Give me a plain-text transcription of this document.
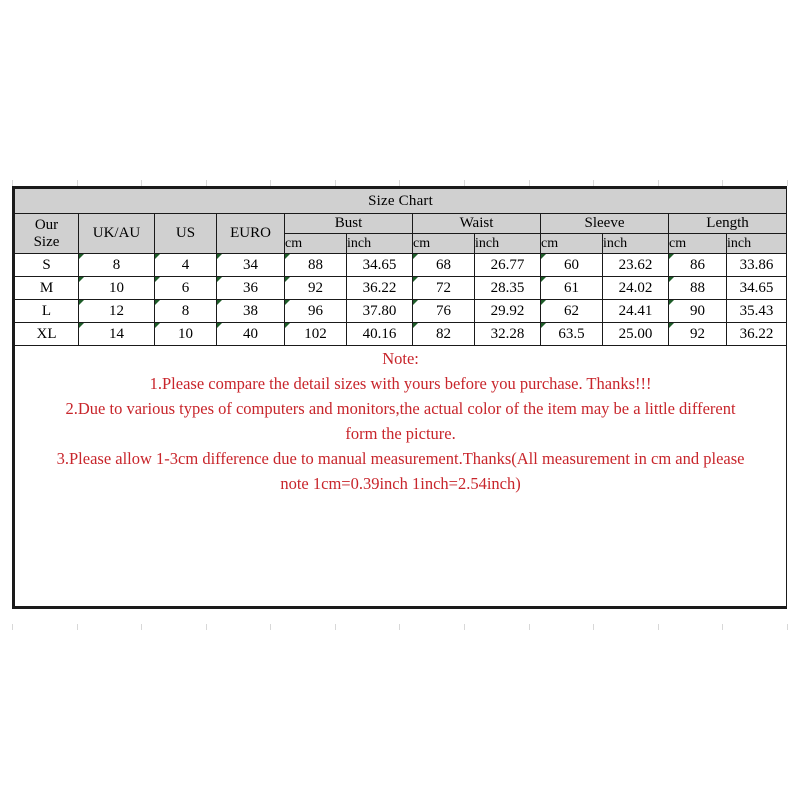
Size Chart											
Our
Size	UK/AU	US	EURO	Bust		Waist		Sleeve		Length	
				cm	inch	cm	inch	cm	inch	cm	inch
S	8	4	34	88	34.65	68	26.77	60	23.62	86	33.86
M	10	6	36	92	36.22	72	28.35	61	24.02	88	34.65
L	12	8	38	96	37.80	76	29.92	62	24.41	90	35.43
XL	14	10	40	102	40.16	82	32.28	63.5	25.00	92	36.22

Note:
1.Please compare the detail sizes with yours before you purchase. Thanks!!!
2.Due to various types of computers and monitors,the actual color of the item may be a little different
form the picture.
3.Please allow 1-3cm difference due to manual measurement.Thanks(All measurement in cm and please
note 1cm=0.39inch 1inch=2.54inch)
